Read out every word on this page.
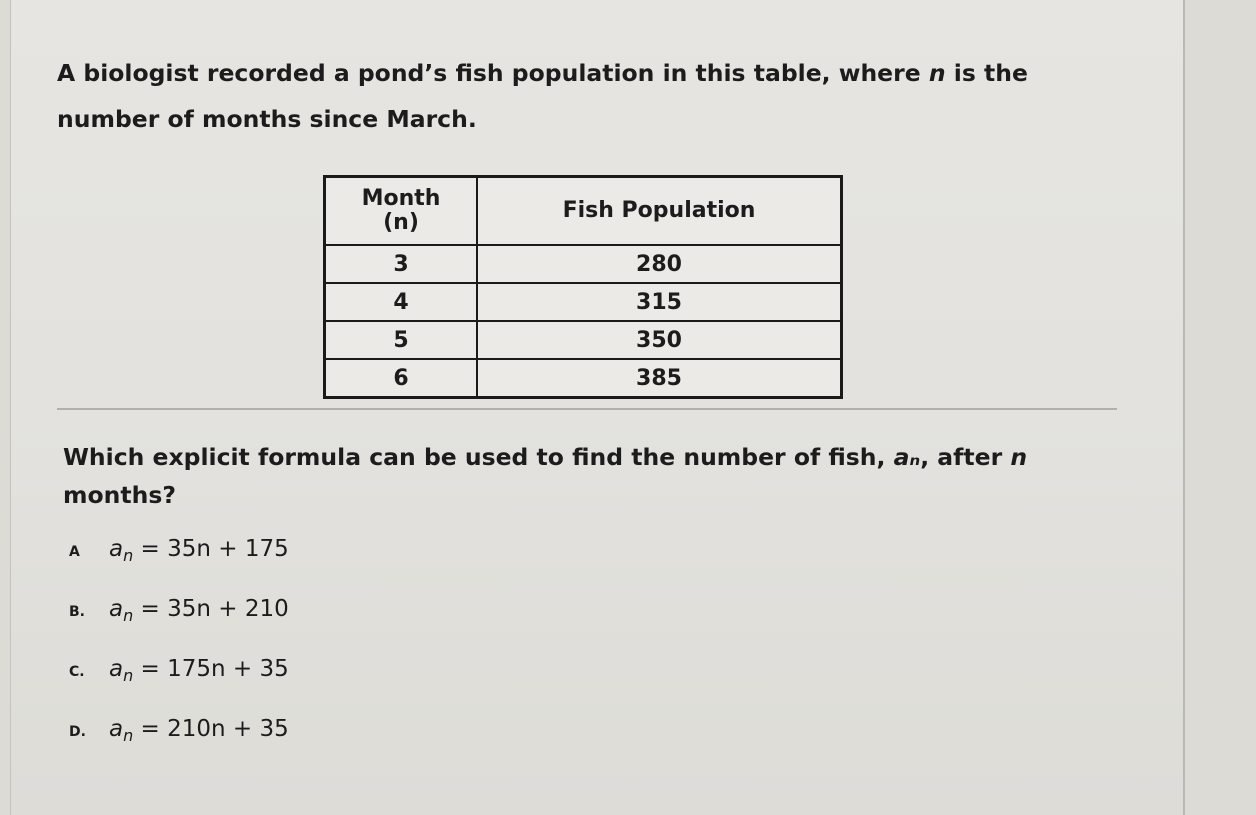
A biologist recorded a pond’s fish population in this table, where n is the number of months since March.

Month
(n)	Fish Population
3	280
4	315
5	350
6	385

Which explicit formula can be used to find the number of fish, aₙ, after n
months?

A $a_n = 35n + 175$
B. $a_n = 35n + 210$
C. $a_n = 175n + 35$
D. $a_n = 210n + 35$
